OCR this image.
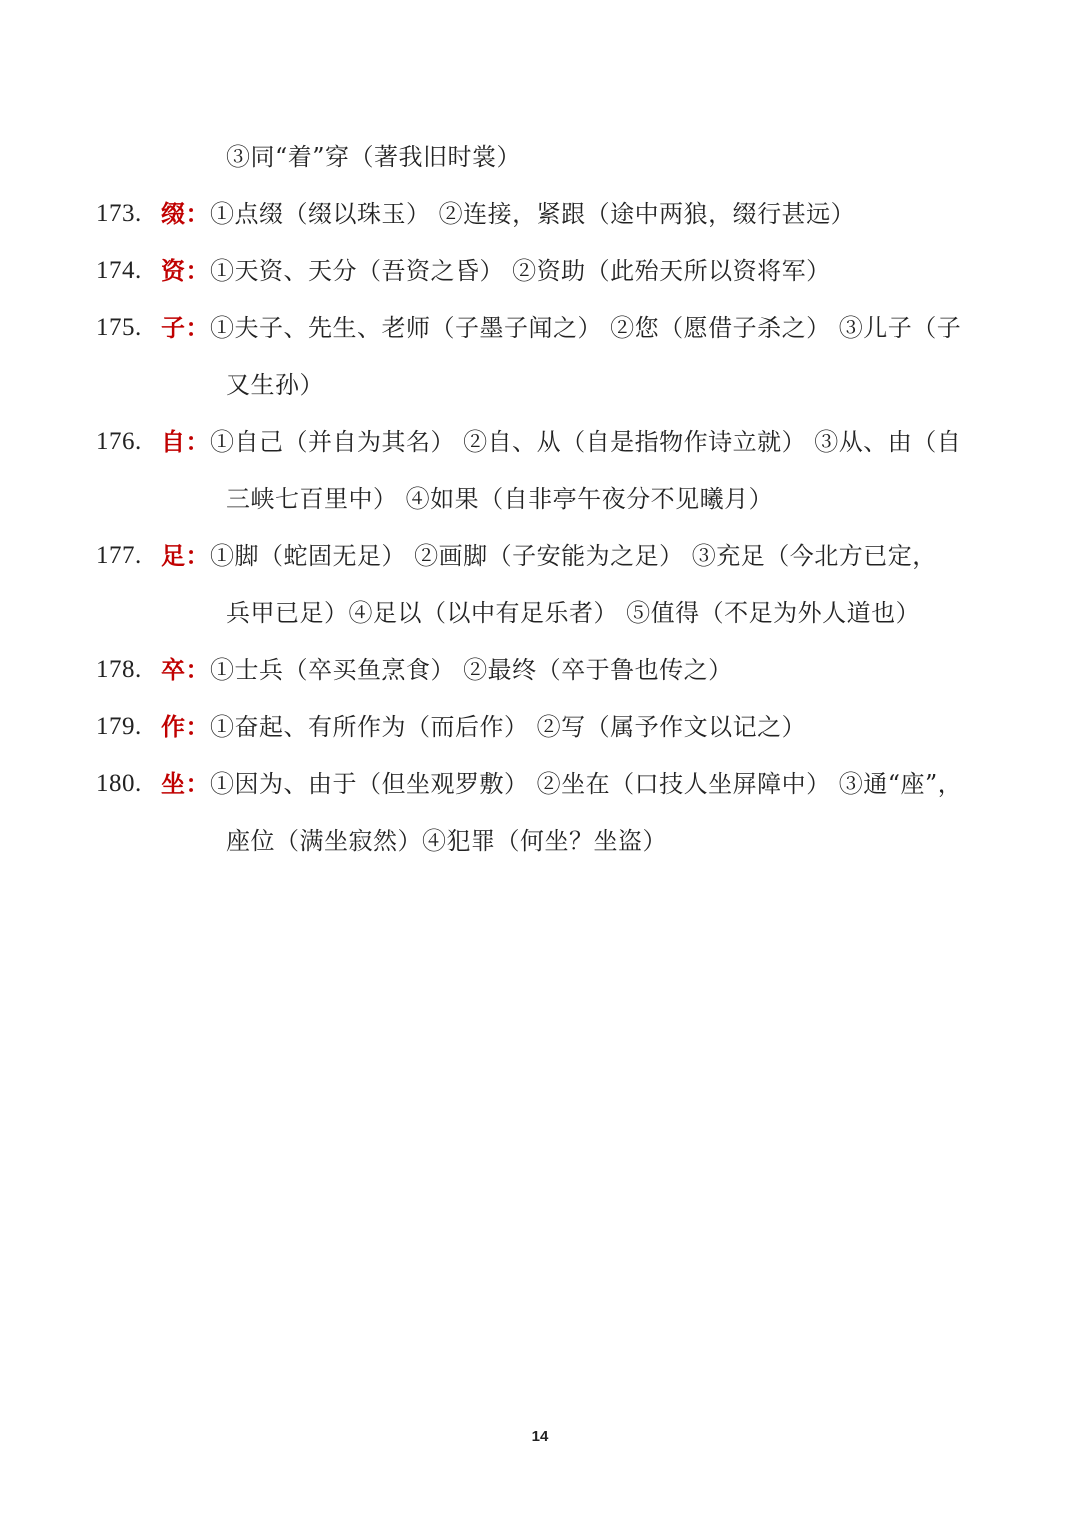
③同“着”穿（著我旧时裳）
173. 缀： ①点缀（缀以珠玉） ②连接，紧跟（途中两狼，缀行甚远）
174. 资： ①天资、天分（吾资之昏） ②资助（此殆天所以资将军）
175. 子： ①夫子、先生、老师（子墨子闻之） ②您（愿借子杀之） ③儿子（子
又生孙）
176. 自： ①自己（并自为其名） ②自、从（自是指物作诗立就） ③从、由（自
三峡七百里中） ④如果（自非亭午夜分不见曦月）
177. 足： ①脚（蛇固无足） ②画脚（子安能为之足） ③充足（今北方已定，
兵甲已足）④足以（以中有足乐者） ⑤值得（不足为外人道也）
178. 卒： ①士兵（卒买鱼烹食） ②最终（卒于鲁也传之）
179. 作： ①奋起、有所作为（而后作） ②写（属予作文以记之）
180. 坐： ①因为、由于（但坐观罗敷） ②坐在（口技人坐屏障中） ③通“座”，
座位（满坐寂然）④犯罪（何坐？坐盗）
14
